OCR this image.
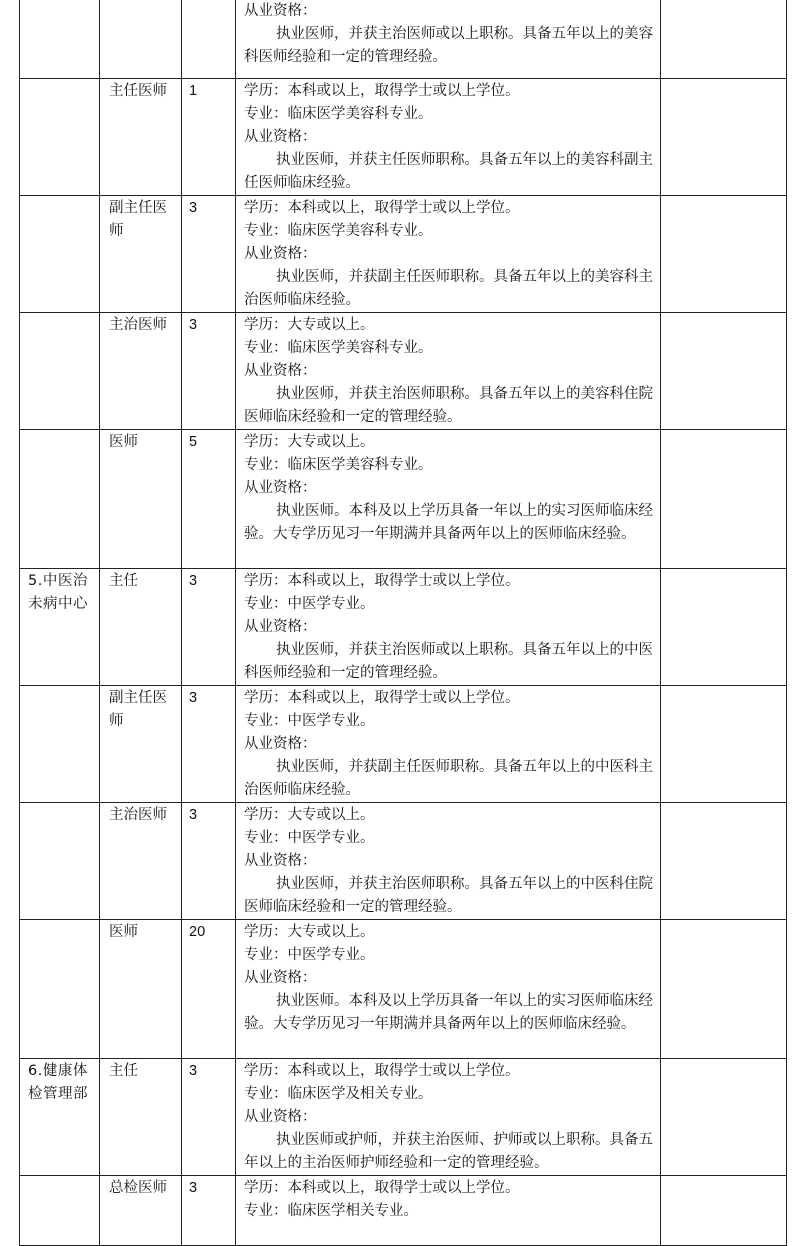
			从业资格：
执业医师，并获主治医师或以上职称。具备五年以上的美容科医师经验和一定的管理经验。	

	主任医师	1	学历：本科或以上，取得学士或以上学位。
专业：临床医学美容科专业。
从业资格：
执业医师，并获主任医师职称。具备五年以上的美容科副主任医师临床经验。	

	副主任医师	3	学历：本科或以上，取得学士或以上学位。
专业：临床医学美容科专业。
从业资格：
执业医师，并获副主任医师职称。具备五年以上的美容科主治医师临床经验。	

	主治医师	3	学历：大专或以上。
专业：临床医学美容科专业。
从业资格：
执业医师，并获主治医师职称。具备五年以上的美容科住院医师临床经验和一定的管理经验。	

	医师	5	学历：大专或以上。
专业：临床医学美容科专业。
从业资格：
执业医师。本科及以上学历具备一年以上的实习医师临床经验。大专学历见习一年期满并具备两年以上的医师临床经验。	

5.中医治未病中心	主任	3	学历：本科或以上，取得学士或以上学位。
专业：中医学专业。
从业资格：
执业医师，并获主治医师或以上职称。具备五年以上的中医科医师经验和一定的管理经验。	

	副主任医师	3	学历：本科或以上，取得学士或以上学位。
专业：中医学专业。
从业资格：
执业医师，并获副主任医师职称。具备五年以上的中医科主治医师临床经验。	

	主治医师	3	学历：大专或以上。
专业：中医学专业。
从业资格：
执业医师，并获主治医师职称。具备五年以上的中医科住院医师临床经验和一定的管理经验。	

	医师	20	学历：大专或以上。
专业：中医学专业。
从业资格：
执业医师。本科及以上学历具备一年以上的实习医师临床经验。大专学历见习一年期满并具备两年以上的医师临床经验。	

6.健康体检管理部	主任	3	学历：本科或以上，取得学士或以上学位。
专业：临床医学及相关专业。
从业资格：
执业医师或护师，并获主治医师、护师或以上职称。具备五年以上的主治医师护师经验和一定的管理经验。	

	总检医师	3	学历：本科或以上，取得学士或以上学位。
专业：临床医学相关专业。	
